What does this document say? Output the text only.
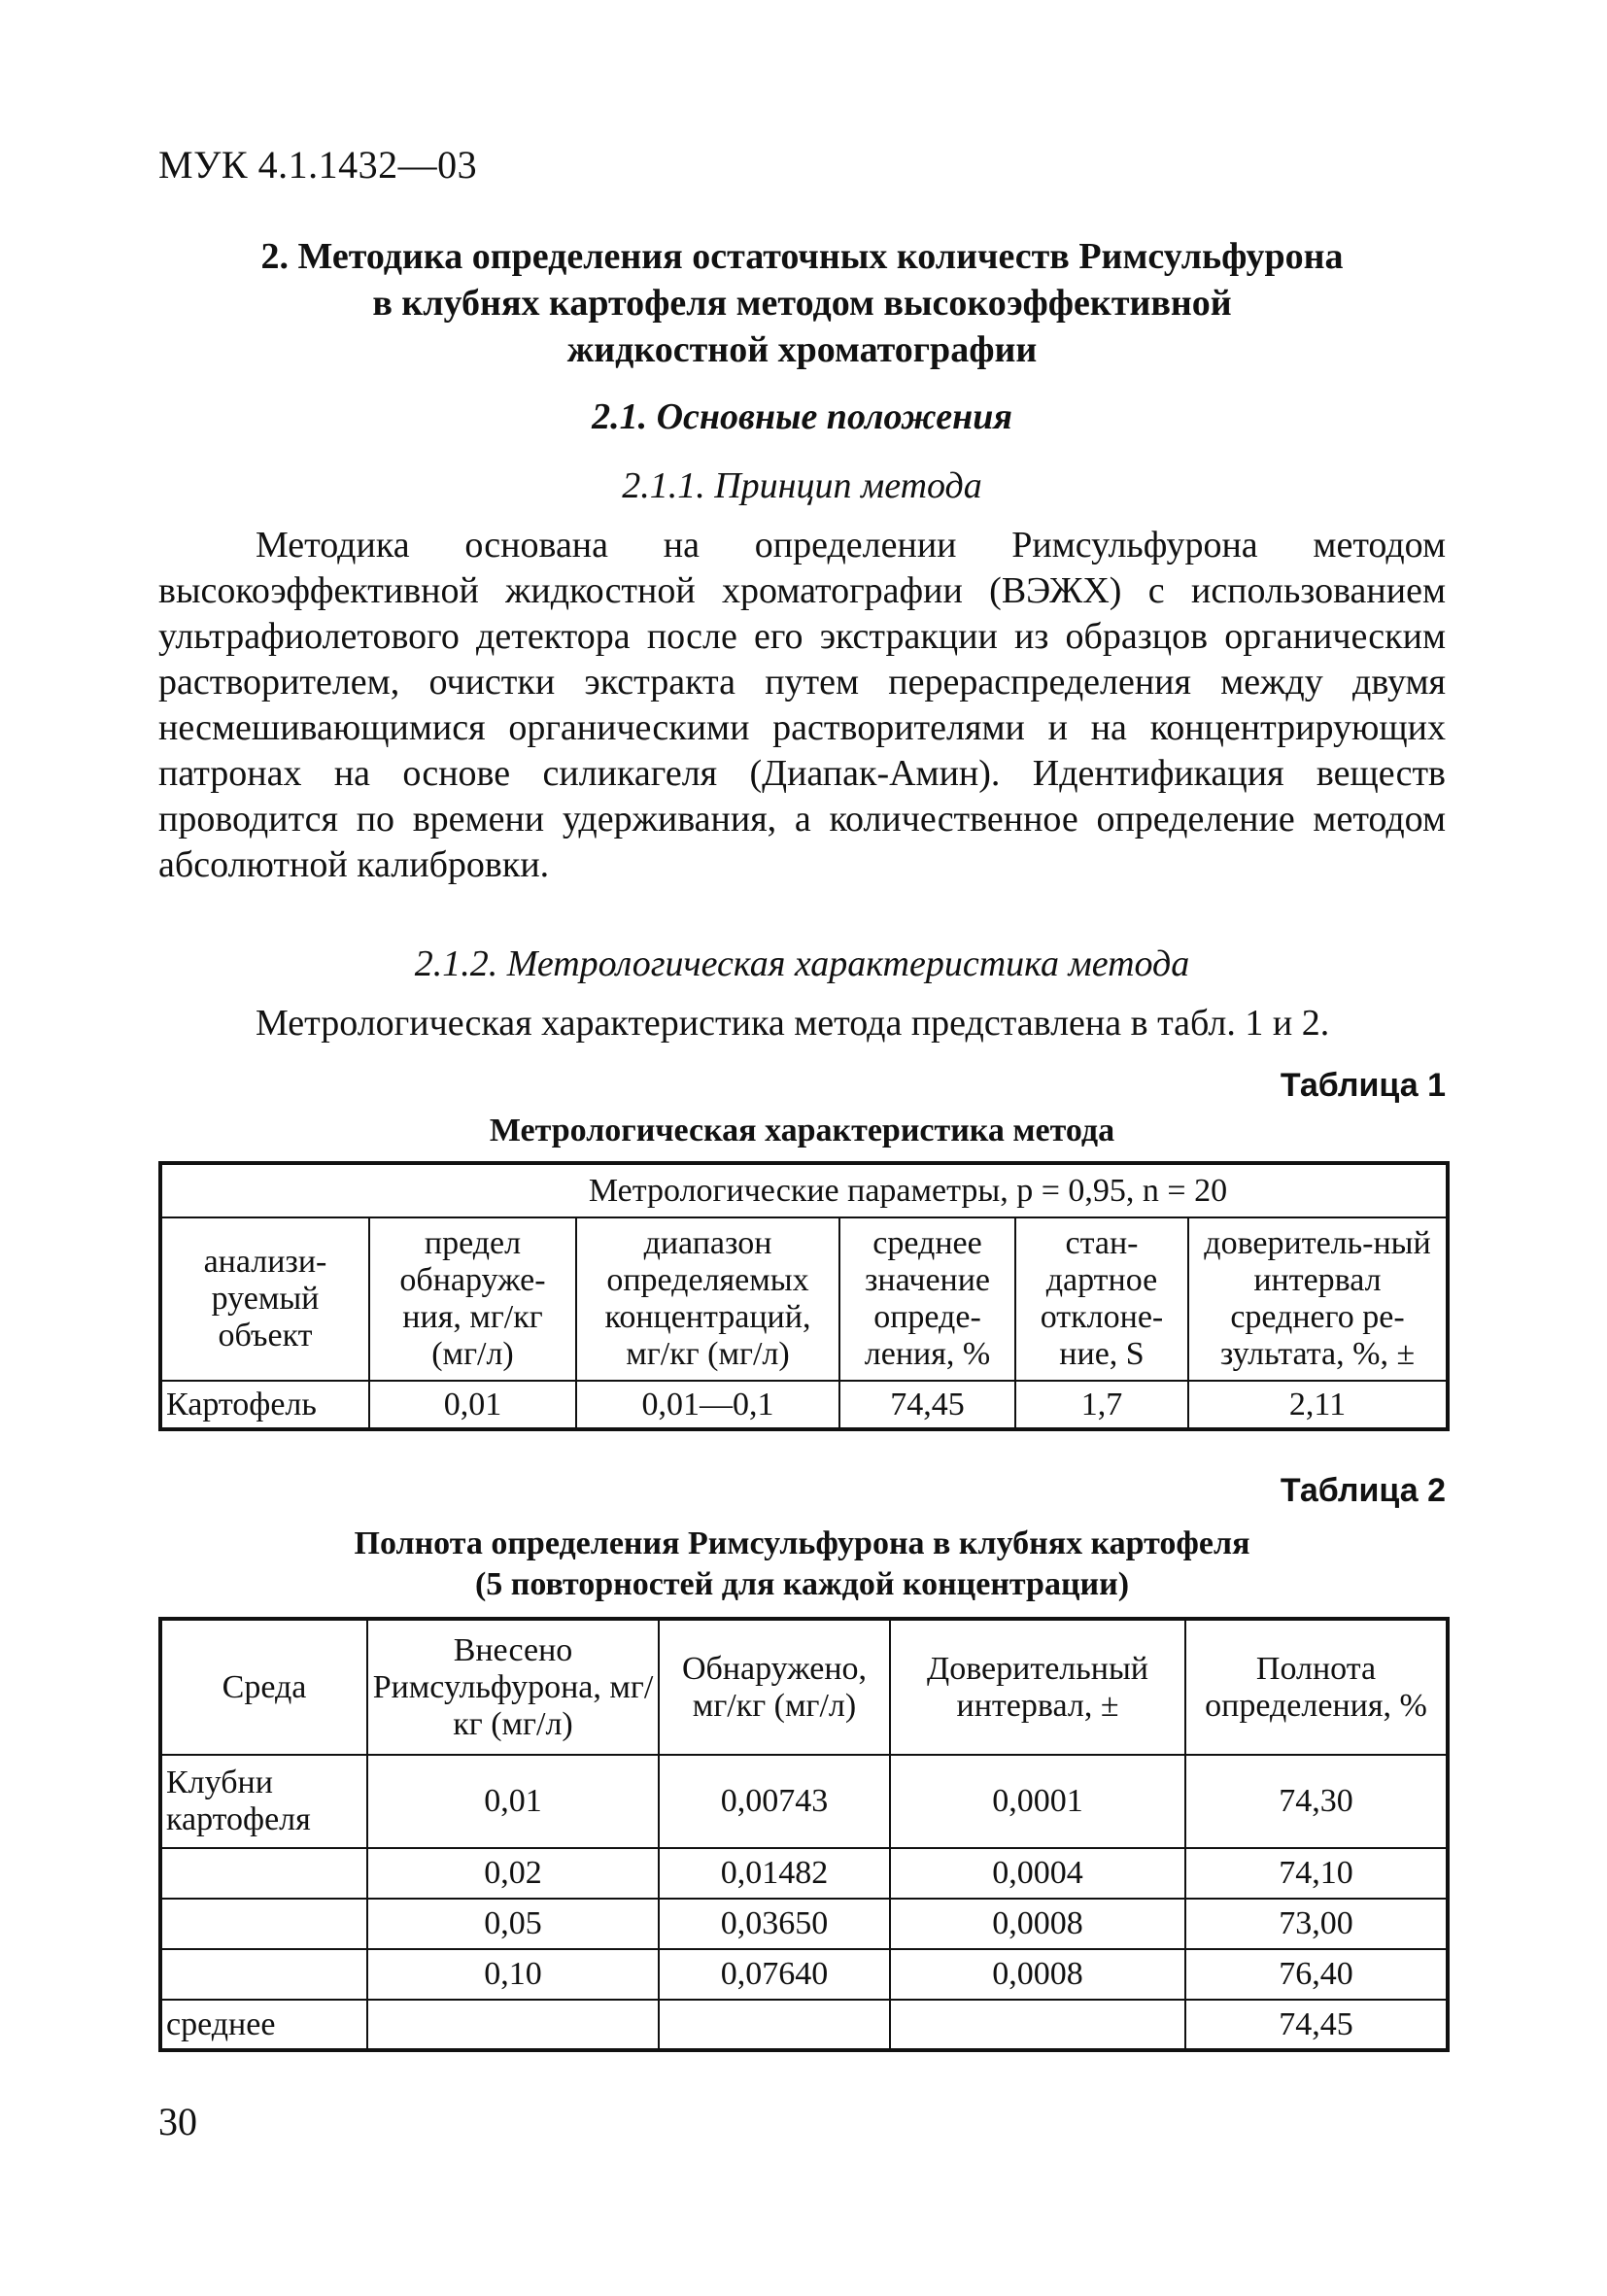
МУК 4.1.1432—03
2. Методика определения остаточных количеств Римсульфурона
в клубнях картофеля методом высокоэффективной
жидкостной хроматографии
2.1. Основные положения
2.1.1. Принцип метода

Методика основана на определении Римсульфурона методом высокоэффективной жидкостной хроматографии (ВЭЖХ) с использованием ультрафиолетового детектора после его экстракции из образцов органическим растворителем, очистки экстракта путем перераспределения между двумя несмешивающимися органическими растворителями и на концентрирующих патронах на основе силикагеля (Диапак-Амин). Идентификация веществ проводится по времени удерживания, а количественное определение методом абсолютной калибровки.

2.1.2. Метрологическая характеристика метода

Метрологическая характеристика метода представлена в табл. 1 и 2.

Таблица 1
Метрологическая характеристика метода
	Метрологические параметры, р = 0,95, n = 20				
анализи-руемый объект	предел обнаруже-ния, мг/кг (мг/л)	диапазон определяемых концентраций, мг/кг (мг/л)	среднее значение опреде-ления, %	стан-дартное отклоне-ние, S	доверитель-ный интервал среднего ре-зультата, %, ±
Картофель	0,01	0,01—0,1	74,45	1,7	2,11
Таблица 2
Полнота определения Римсульфурона в клубнях картофеля
(5 повторностей для каждой концентрации)
Среда	Внесено Римсульфурона, мг/кг (мг/л)	Обнаружено, мг/кг (мг/л)	Доверительный интервал, ±	Полнота определения, %
Клубни картофеля	0,01	0,00743	0,0001	74,30
	0,02	0,01482	0,0004	74,10
	0,05	0,03650	0,0008	73,00
	0,10	0,07640	0,0008	76,40
среднее				74,45
30
